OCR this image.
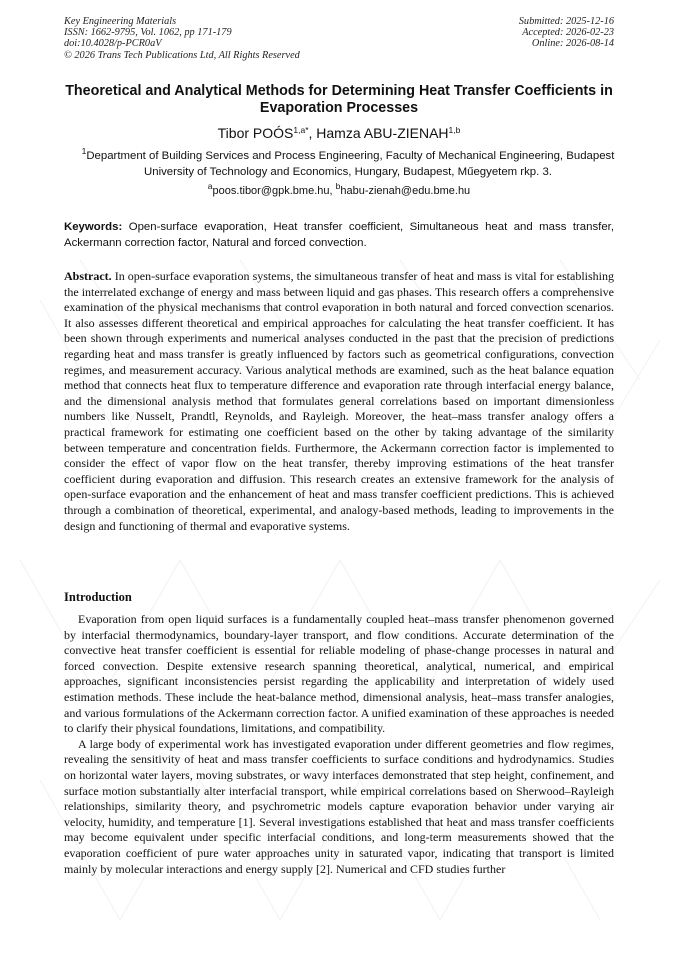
Key Engineering Materials
ISSN: 1662-9795, Vol. 1062, pp 171-179
doi:10.4028/p-PCR0aV
© 2026 Trans Tech Publications Ltd, All Rights Reserved
Submitted: 2025-12-16
Accepted: 2026-02-23
Online: 2026-08-14
Theoretical and Analytical Methods for Determining Heat Transfer Coefficients in Evaporation Processes
Tibor $POÓS^{1,a*}$, Hamza ABU-ZIENAH$^{1,b}$
$^1$Department of Building Services and Process Engineering, Faculty of Mechanical Engineering, Budapest University of Technology and Economics, Hungary, Budapest, Műegyetem rkp. 3.
$^a$poos.tibor@gpk.bme.hu, $^b$habu-zienah@edu.bme.hu
Keywords: Open-surface evaporation, Heat transfer coefficient, Simultaneous heat and mass transfer, Ackermann correction factor, Natural and forced convection.
Abstract. In open-surface evaporation systems, the simultaneous transfer of heat and mass is vital for establishing the interrelated exchange of energy and mass between liquid and gas phases. This research offers a comprehensive examination of the physical mechanisms that control evaporation in both natural and forced convection scenarios. It also assesses different theoretical and empirical approaches for calculating the heat transfer coefficient. It has been shown through experiments and numerical analyses conducted in the past that the precision of predictions regarding heat and mass transfer is greatly influenced by factors such as geometrical configurations, convection regimes, and measurement accuracy. Various analytical methods are examined, such as the heat balance equation method that connects heat flux to temperature difference and evaporation rate through interfacial energy balance, and the dimensional analysis method that formulates general correlations based on important dimensionless numbers like Nusselt, Prandtl, Reynolds, and Rayleigh. Moreover, the heat–mass transfer analogy offers a practical framework for estimating one coefficient based on the other by taking advantage of the similarity between temperature and concentration fields. Furthermore, the Ackermann correction factor is implemented to consider the effect of vapor flow on the heat transfer, thereby improving estimations of the heat transfer coefficient during evaporation and diffusion. This research creates an extensive framework for the analysis of open-surface evaporation and the enhancement of heat and mass transfer coefficient predictions. This is achieved through a combination of theoretical, experimental, and analogy-based methods, leading to improvements in the design and functioning of thermal and evaporative systems.
Introduction

Evaporation from open liquid surfaces is a fundamentally coupled heat–mass transfer phenomenon governed by interfacial thermodynamics, boundary-layer transport, and flow conditions. Accurate determination of the convective heat transfer coefficient is essential for reliable modeling of phase-change processes in natural and forced convection. Despite extensive research spanning theoretical, analytical, numerical, and empirical approaches, significant inconsistencies persist regarding the applicability and interpretation of widely used estimation methods. These include the heat-balance method, dimensional analysis, heat–mass transfer analogies, and various formulations of the Ackermann correction factor. A unified examination of these approaches is needed to clarify their physical foundations, limitations, and compatibility.

A large body of experimental work has investigated evaporation under different geometries and flow regimes, revealing the sensitivity of heat and mass transfer coefficients to surface conditions and hydrodynamics. Studies on horizontal water layers, moving substrates, or wavy interfaces demonstrated that step height, confinement, and surface motion substantially alter interfacial transport, while empirical correlations based on Sherwood–Rayleigh relationships, similarity theory, and psychrometric models capture evaporation behavior under varying air velocity, humidity, and temperature [1]. Several investigations established that heat and mass transfer coefficients may become equivalent under specific interfacial conditions, and long-term measurements showed that the evaporation coefficient of pure water approaches unity in saturated vapor, indicating that transport is limited mainly by molecular interactions and energy supply [2]. Numerical and CFD studies further
